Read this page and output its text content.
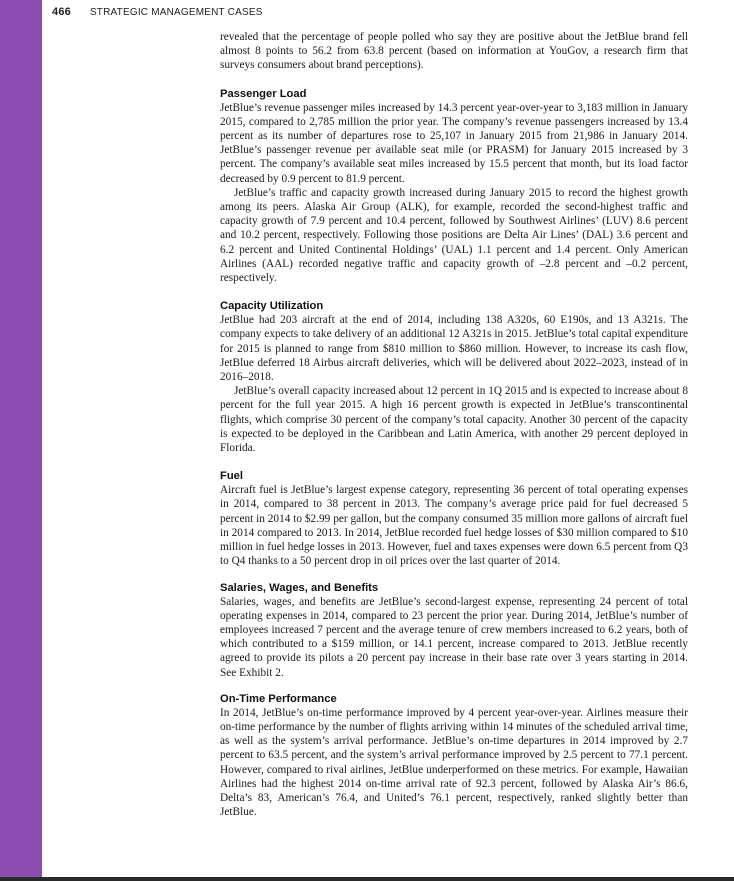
466 STRATEGIC MANAGEMENT CASES

revealed that the percentage of people polled who say they are positive about the JetBlue brand fell almost 8 points to 56.2 from 63.8 percent (based on information at YouGov, a research firm that surveys consumers about brand perceptions).

Passenger Load

JetBlue’s revenue passenger miles increased by 14.3 percent year-over-year to 3,183 million in January 2015, compared to 2,785 million the prior year. The company’s revenue passengers increased by 13.4 percent as its number of departures rose to 25,107 in January 2015 from 21,986 in January 2014. JetBlue’s passenger revenue per available seat mile (or PRASM) for January 2015 increased by 3 percent. The company’s available seat miles increased by 15.5 percent that month, but its load factor decreased by 0.9 percent to 81.9 percent.

JetBlue’s traffic and capacity growth increased during January 2015 to record the highest growth among its peers. Alaska Air Group (ALK), for example, recorded the second-highest traffic and capacity growth of 7.9 percent and 10.4 percent, followed by Southwest Airlines’ (LUV) 8.6 percent and 10.2 percent, respectively. Following those positions are Delta Air Lines’ (DAL) 3.6 percent and 6.2 percent and United Continental Holdings’ (UAL) 1.1 percent and 1.4 percent. Only American Airlines (AAL) recorded negative traffic and capacity growth of –2.8 percent and –0.2 percent, respectively.

Capacity Utilization

JetBlue had 203 aircraft at the end of 2014, including 138 A320s, 60 E190s, and 13 A321s. The company expects to take delivery of an additional 12 A321s in 2015. JetBlue’s total capital expenditure for 2015 is planned to range from $810 million to $860 million. However, to increase its cash flow, JetBlue deferred 18 Airbus aircraft deliveries, which will be delivered about 2022–2023, instead of in 2016–2018.

JetBlue’s overall capacity increased about 12 percent in 1Q 2015 and is expected to increase about 8 percent for the full year 2015. A high 16 percent growth is expected in JetBlue’s transcontinental flights, which comprise 30 percent of the company’s total capacity. Another 30 percent of the capacity is expected to be deployed in the Caribbean and Latin America, with another 29 percent deployed in Florida.

Fuel

Aircraft fuel is JetBlue’s largest expense category, representing 36 percent of total operating expenses in 2014, compared to 38 percent in 2013. The company’s average price paid for fuel decreased 5 percent in 2014 to $2.99 per gallon, but the company consumed 35 million more gallons of aircraft fuel in 2014 compared to 2013. In 2014, JetBlue recorded fuel hedge losses of $30 million compared to $10 million in fuel hedge losses in 2013. However, fuel and taxes expenses were down 6.5 percent from Q3 to Q4 thanks to a 50 percent drop in oil prices over the last quarter of 2014.

Salaries, Wages, and Benefits

Salaries, wages, and benefits are JetBlue’s second-largest expense, representing 24 percent of total operating expenses in 2014, compared to 23 percent the prior year. During 2014, JetBlue’s number of employees increased 7 percent and the average tenure of crew members increased to 6.2 years, both of which contributed to a $159 million, or 14.1 percent, increase compared to 2013. JetBlue recently agreed to provide its pilots a 20 percent pay increase in their base rate over 3 years starting in 2014. See Exhibit 2.

On-Time Performance

In 2014, JetBlue’s on-time performance improved by 4 percent year-over-year. Airlines measure their on-time performance by the number of flights arriving within 14 minutes of the scheduled arrival time, as well as the system’s arrival performance. JetBlue’s on-time departures in 2014 improved by 2.7 percent to 63.5 percent, and the system’s arrival performance improved by 2.5 percent to 77.1 percent. However, compared to rival airlines, JetBlue underperformed on these metrics. For example, Hawaiian Airlines had the highest 2014 on-time arrival rate of 92.3 percent, followed by Alaska Air’s 86.6, Delta’s 83, American’s 76.4, and United’s 76.1 percent, respectively, ranked slightly better than JetBlue.
